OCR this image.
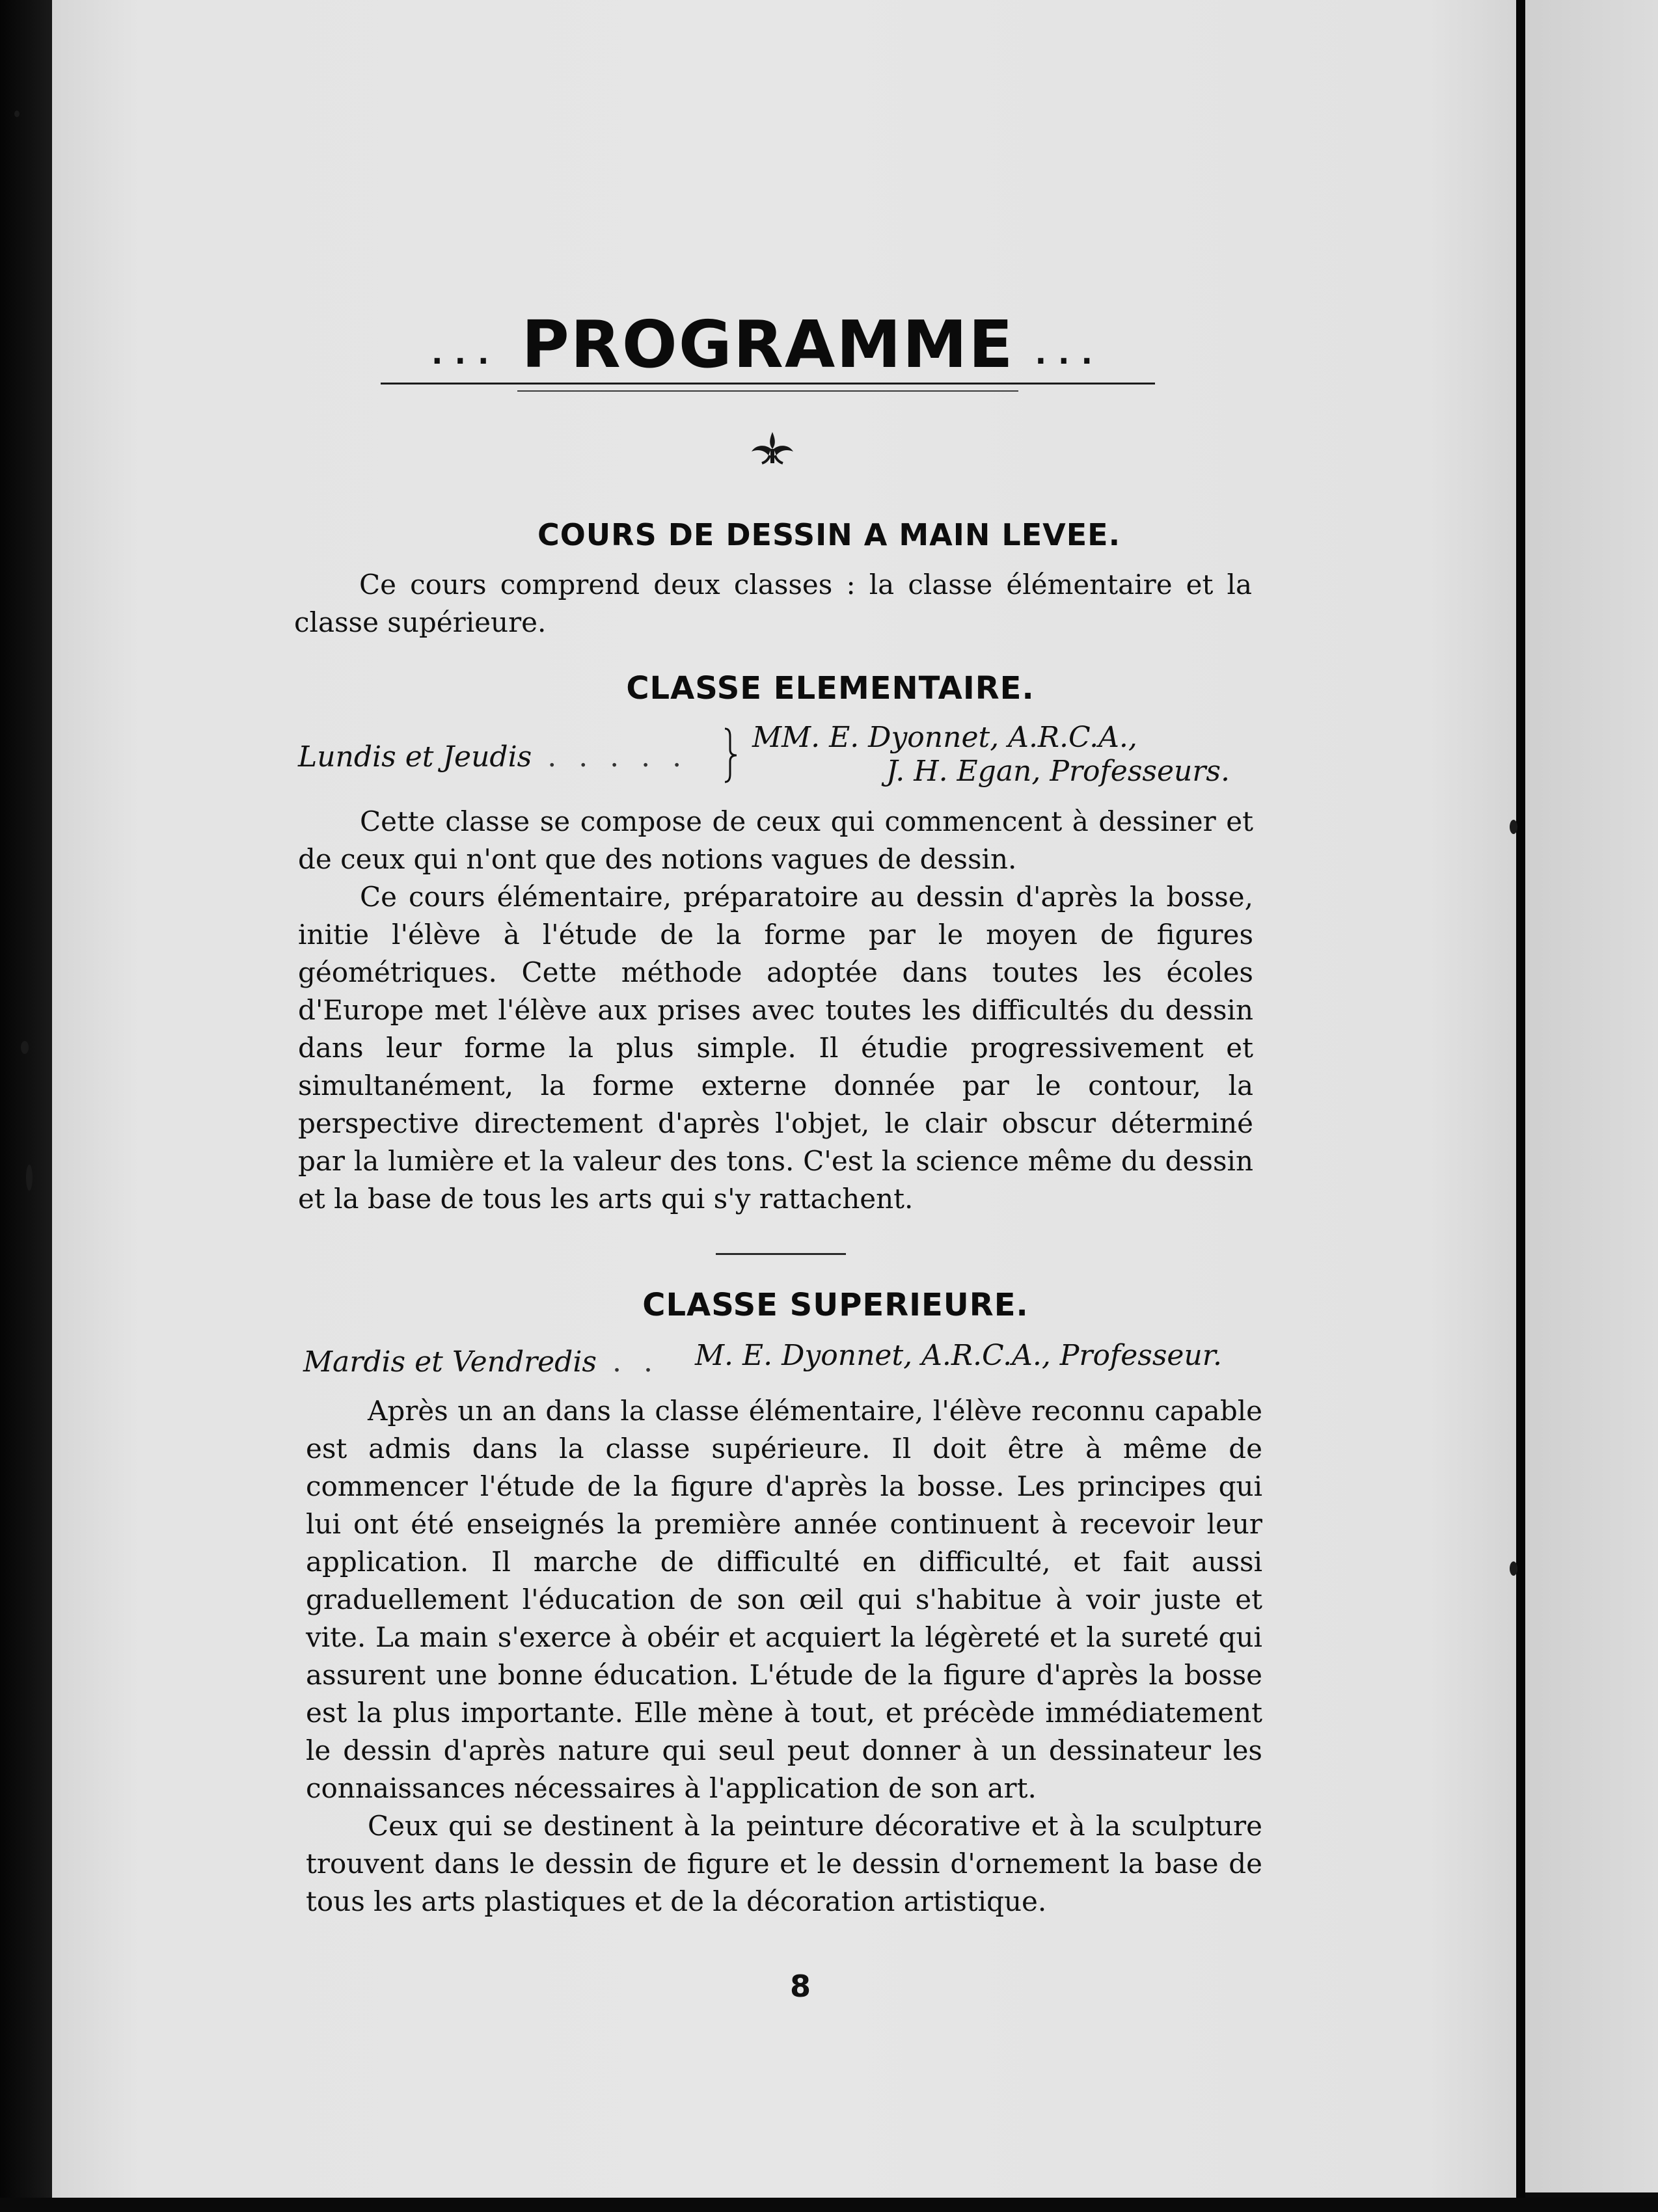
... PROGRAMME ...
COURS DE DESSIN A MAIN LEVEE.

Ce cours comprend deux classes : la classe élémentaire et la classe supérieure.

CLASSE ELEMENTAIRE.
Lundis et Jeudis . . . . .
MM. E. Dyonnet, A.R.C.A.,
J. H. Egan, Professeurs.

Cette classe se compose de ceux qui commencent à dessiner et de ceux qui n'ont que des notions vagues de dessin.

Ce cours élémentaire, préparatoire au dessin d'après la bosse, initie l'élève à l'étude de la forme par le moyen de figures géométriques. Cette méthode adoptée dans toutes les écoles d'Europe met l'élève aux prises avec toutes les difficultés du dessin dans leur forme la plus simple. Il étudie progressivement et simultanément, la forme externe donnée par le contour, la perspective directement d'après l'objet, le clair obscur déterminé par la lumière et la valeur des tons. C'est la science même du dessin et la base de tous les arts qui s'y rattachent.

CLASSE SUPERIEURE.
Mardis et Vendredis . . M. E. Dyonnet, A.R.C.A., Professeur.

Après un an dans la classe élémentaire, l'élève reconnu capable est admis dans la classe supérieure. Il doit être à même de commencer l'étude de la figure d'après la bosse. Les principes qui lui ont été enseignés la première année continuent à recevoir leur application. Il marche de difficulté en difficulté, et fait aussi graduellement l'éducation de son œil qui s'habitue à voir juste et vite. La main s'exerce à obéir et acquiert la légèreté et la sureté qui assurent une bonne éducation. L'étude de la figure d'après la bosse est la plus importante. Elle mène à tout, et précède immédiatement le dessin d'après nature qui seul peut donner à un dessinateur les connaissances nécessaires à l'application de son art.

Ceux qui se destinent à la peinture décorative et à la sculpture trouvent dans le dessin de figure et le dessin d'ornement la base de tous les arts plastiques et de la décoration artistique.

8
